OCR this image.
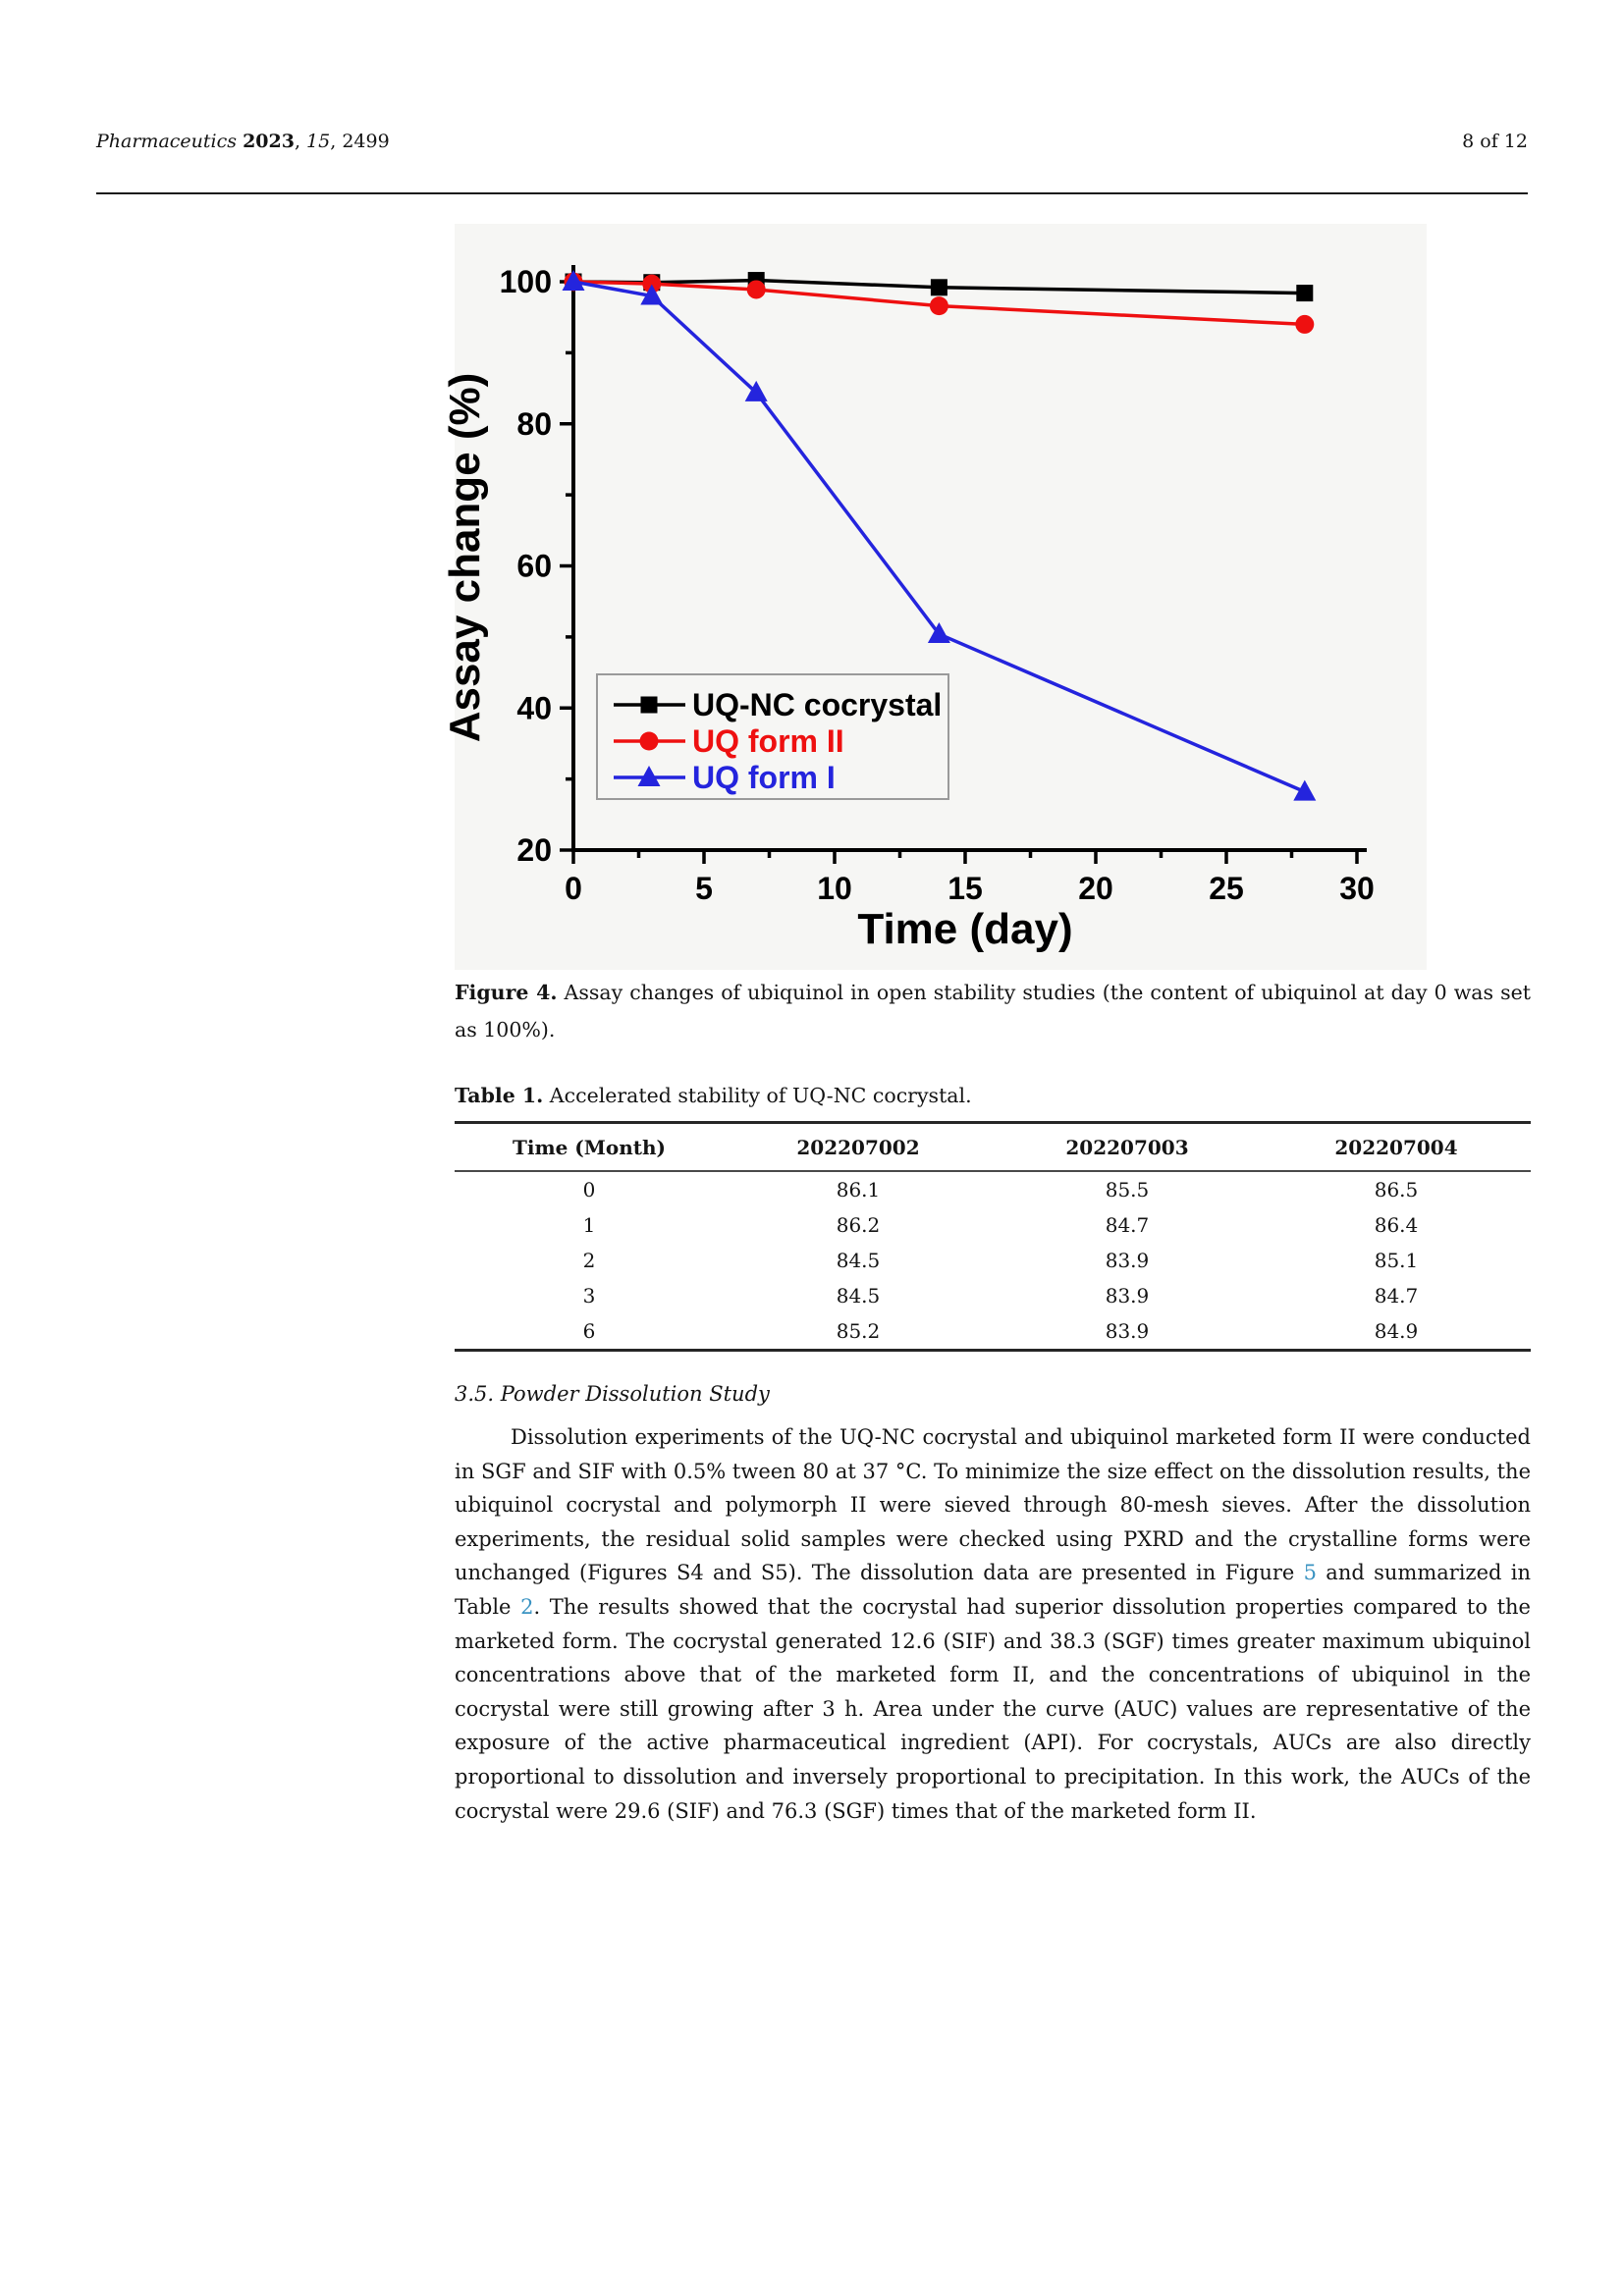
Pharmaceutics 2023, 15, 2499	8 of 12
0	5	10	15	20	25	30
100
80
60
40
20
Time (day)
Assay change (%)	UQ-NC cocrystal
UQ form II
UQ form I

Figure 4. Assay changes of ubiquinol in open stability studies (the content of ubiquinol at day 0 was set as 100%).

Table 1. Accelerated stability of UQ-NC cocrystal.

Time (Month)	202207002	202207003	202207004
0	86.1	85.5	86.5
1	86.2	84.7	86.4
2	84.5	83.9	85.1
3	84.5	83.9	84.7
6	85.2	83.9	84.9
3.5. Powder Dissolution Study

Dissolution experiments of the UQ-NC cocrystal and ubiquinol marketed form II were conducted in SGF and SIF with 0.5% tween 80 at 37 °C. To minimize the size effect on the dissolution results, the ubiquinol cocrystal and polymorph II were sieved through 80-mesh sieves. After the dissolution experiments, the residual solid samples were checked using PXRD and the crystalline forms were unchanged (Figures S4 and S5). The dissolution data are presented in Figure 5 and summarized in Table 2. The results showed that the cocrystal had superior dissolution properties compared to the marketed form. The cocrystal generated 12.6 (SIF) and 38.3 (SGF) times greater maximum ubiquinol concentrations above that of the marketed form II, and the concentrations of ubiquinol in the cocrystal were still growing after 3 h. Area under the curve (AUC) values are representative of the exposure of the active pharmaceutical ingredient (API). For cocrystals, AUCs are also directly proportional to dissolution and inversely proportional to precipitation. In this work, the AUCs of the cocrystal were 29.6 (SIF) and 76.3 (SGF) times that of the marketed form II.
